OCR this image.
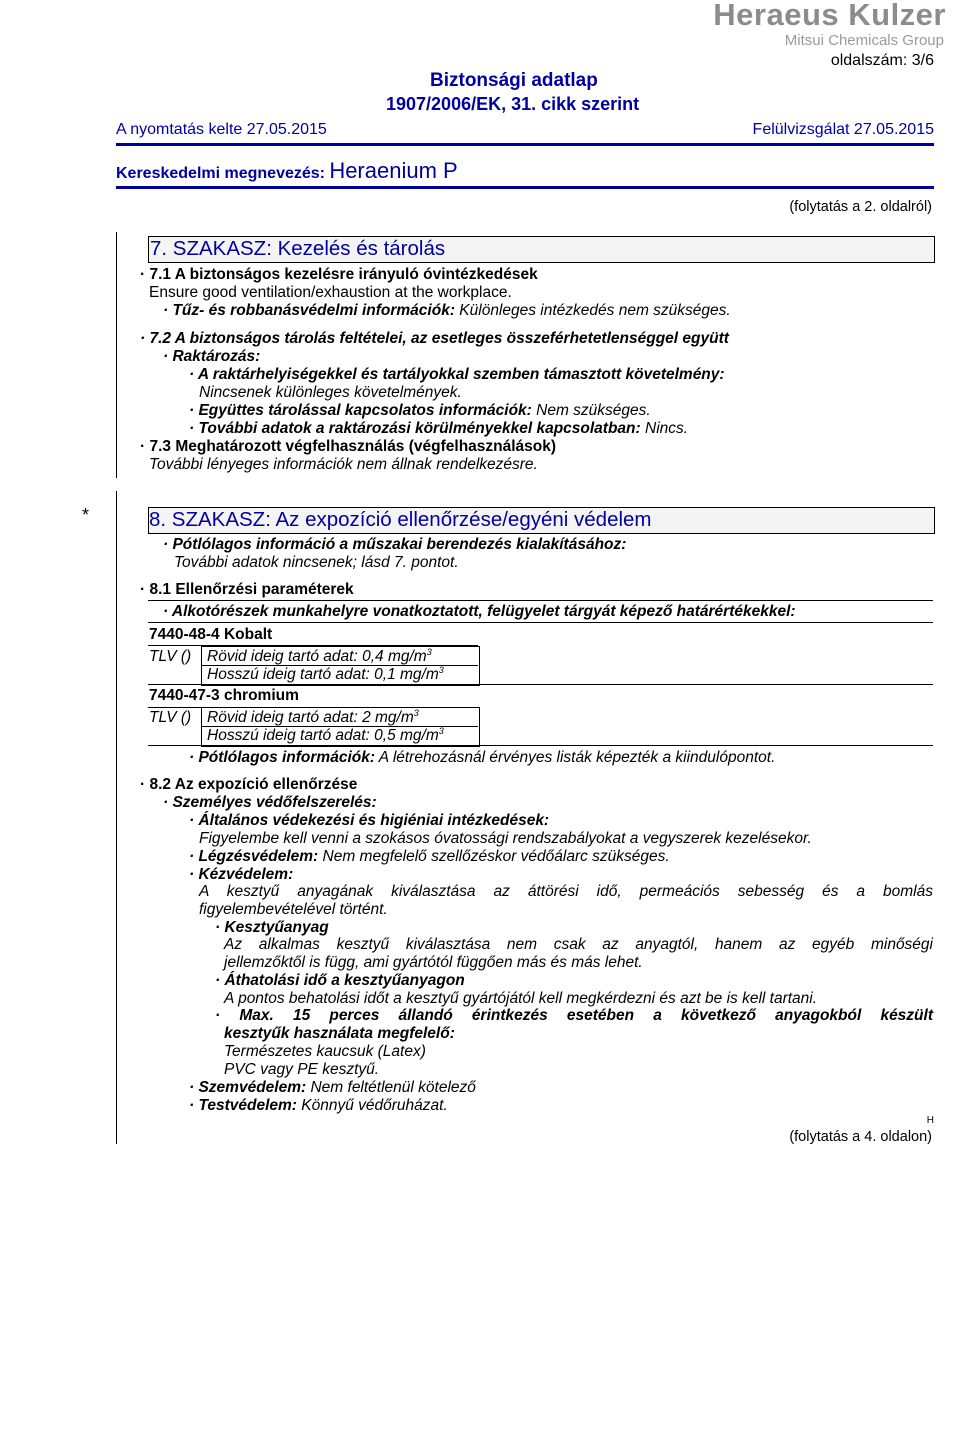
Heraeus Kulzer
Mitsui Chemicals Group
oldalszám: 3/6
Biztonsági adatlap
1907/2006/EK, 31. cikk szerint
A nyomtatás kelte 27.05.2015	Felülvizsgálat 27.05.2015
Kereskedelmi megnevezés: Heraenium P
(folytatás a 2. oldalról)
7. SZAKASZ: Kezelés és tárolás
· 7.1 A biztonságos kezelésre irányuló óvintézkedések
Ensure good ventilation/exhaustion at the workplace.
· Tűz- és robbanásvédelmi információk: Különleges intézkedés nem szükséges.
· 7.2 A biztonságos tárolás feltételei, az esetleges összeférhetetlenséggel együtt
· Raktározás:
· A raktárhelyiségekkel és tartályokkal szemben támasztott követelmény:
Nincsenek különleges követelmények.
· Együttes tárolással kapcsolatos információk: Nem szükséges.
· További adatok a raktározási körülményekkel kapcsolatban: Nincs.
· 7.3 Meghatározott végfelhasználás (végfelhasználások)
További lényeges információk nem állnak rendelkezésre.
*	8. SZAKASZ: Az expozíció ellenőrzése/egyéni védelem
· Pótlólagos információ a műszakai berendezés kialakításához:
További adatok nincsenek; lásd 7. pontot.
· 8.1 Ellenőrzési paraméterek
· Alkotórészek munkahelyre vonatkoztatott, felügyelet tárgyát képező határértékekkel:
7440-48-4 Kobalt
TLV () Rövid ideig tartó adat: 0,4 $mg/m^3$
Hosszú ideig tartó adat: 0,1 $mg/m^3$
7440-47-3 chromium
TLV () Rövid ideig tartó adat: 2 $mg/m^3$
Hosszú ideig tartó adat: 0,5 $mg/m^3$
· Pótlólagos információk: A létrehozásnál érvényes listák képezték a kiindulópontot.
· 8.2 Az expozíció ellenőrzése
· Személyes védőfelszerelés:
· Általános védekezési és higiéniai intézkedések:
Figyelembe kell venni a szokásos óvatossági rendszabályokat a vegyszerek kezelésekor.
· Légzésvédelem: Nem megfelelő szellőzéskor védőálarc szükséges.
· Kézvédelem:
A kesztyű anyagának kiválasztása az áttörési idő, permeációs sebesség és a bomlás
figyelembevételével történt.
· Kesztyűanyag
Az alkalmas kesztyű kiválasztása nem csak az anyagtól, hanem az egyéb minőségi
jellemzőktől is függ, ami gyártótól függően más és más lehet.
· Áthatolási idő a kesztyűanyagon
A pontos behatolási időt a kesztyű gyártójától kell megkérdezni és azt be is kell tartani.
· Max. 15 perces állandó érintkezés esetében a következő anyagokból készült
kesztyűk használata megfelelő:
Természetes kaucsuk (Latex)
PVC vagy PE kesztyű.
· Szemvédelem: Nem feltétlenül kötelező
· Testvédelem: Könnyű védőruházat.
H
(folytatás a 4. oldalon)
